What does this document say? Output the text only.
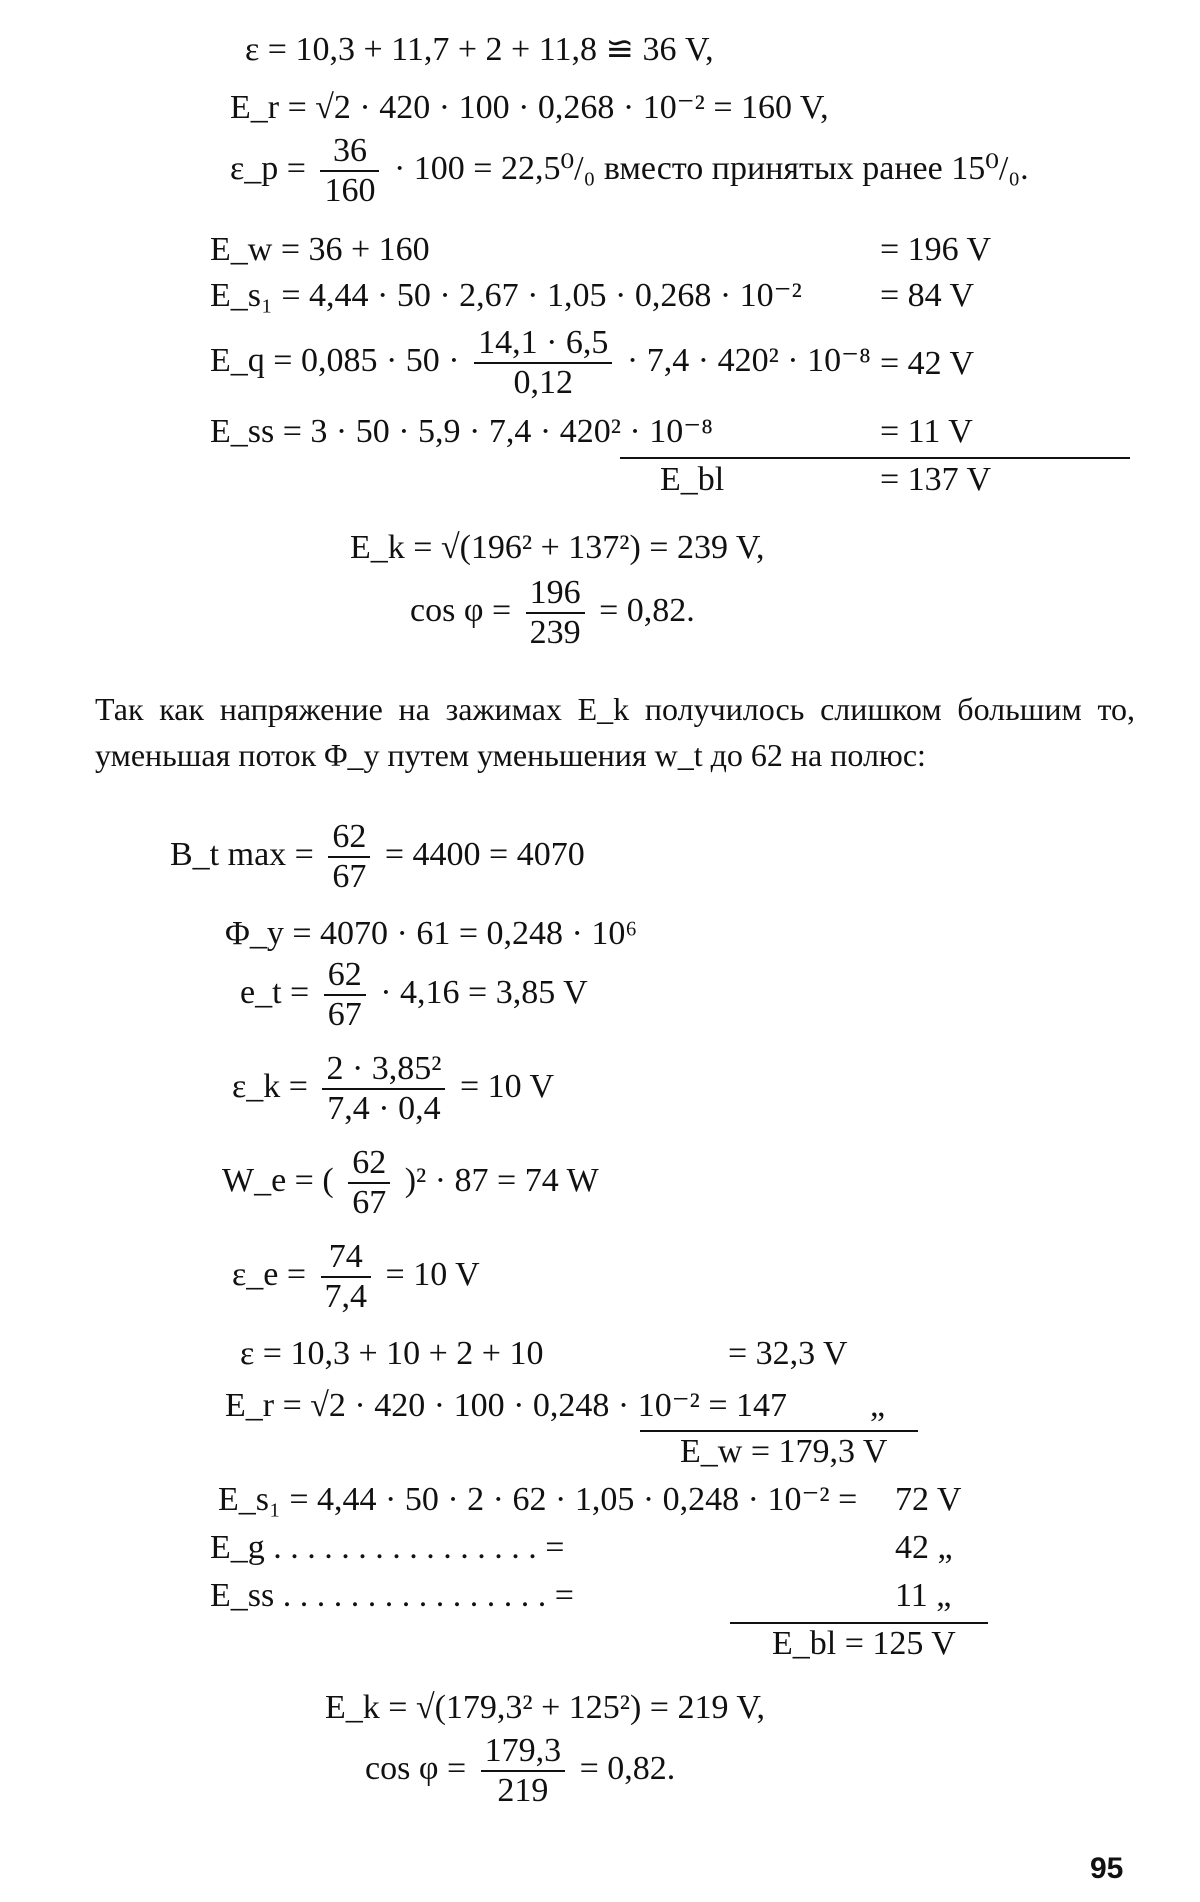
ε = 10,3 + 11,7 + 2 + 11,8 ≌ 36 V,
E_r = √2 · 420 · 100 · 0,268 · 10⁻² = 160 V,
ε_p = $\frac{36}{160} \cdot 100 = 22,5^0/_0$ вместо принятых ранее 15⁰/₀.
E_w = 36 + 160	= 196 V
E_s₁ = 4,44 · 50 · 2,67 · 1,05 · 0,268 · 10⁻² = 84 V
E_q = $0,085 \cdot 50 \cdot \frac{14,1 \cdot 6,5}{0,12} \cdot 7,4 \cdot 420^2 \cdot 10^{-8} = 42$ V
E_ss = 3 · 50 · 5,9 · 7,4 · 420² · 10⁻⁸	= 11 V
E_bl	= 137 V
E_k = √(196² + 137²) = 239 V,
$\cos \varphi = \frac{196}{239} = 0,82$.
Так как напряжение на зажимах E_k получилось слишком большим то, уменьшая поток Φ_y путем уменьшения w_t до 62 на полюс:
B_t $\max = \frac{62}{67} = 4400 = 4070$
Φ_y = 4070 · 61 = 0,248 · 10⁶
e_t = $\frac{62}{67} \cdot 4,16 = 3,85$ V
ε_k = $\frac{\text{2 · 3,85²}}{7,4 \cdot 0,4} = 10$ V
W_e = ( $\frac{62}{67} )^2 \cdot 87 = 74$ W
ε_e = $\frac{74}{7,4} = 10$ V
ε = 10,3 + 10 + 2 + 10	= 32,3 V
E_r = √2 · 420 · 100 · 0,248 · 10⁻² = 147 „
E_w = 179,3 V
E_s₁ = 4,44 · 50 · 2 · 62 · 1,05 · 0,248 · 10⁻² = 72 V
E_g . . . . . . . . . . . . . . . . =	42 „
E_ss . . . . . . . . . . . . . . . . =	11 „
E_bl = 125 V
E_k = √(179,3² + 125²) = 219 V,
$\cos \varphi = \frac{179,3}{219} = 0,82$.
95
